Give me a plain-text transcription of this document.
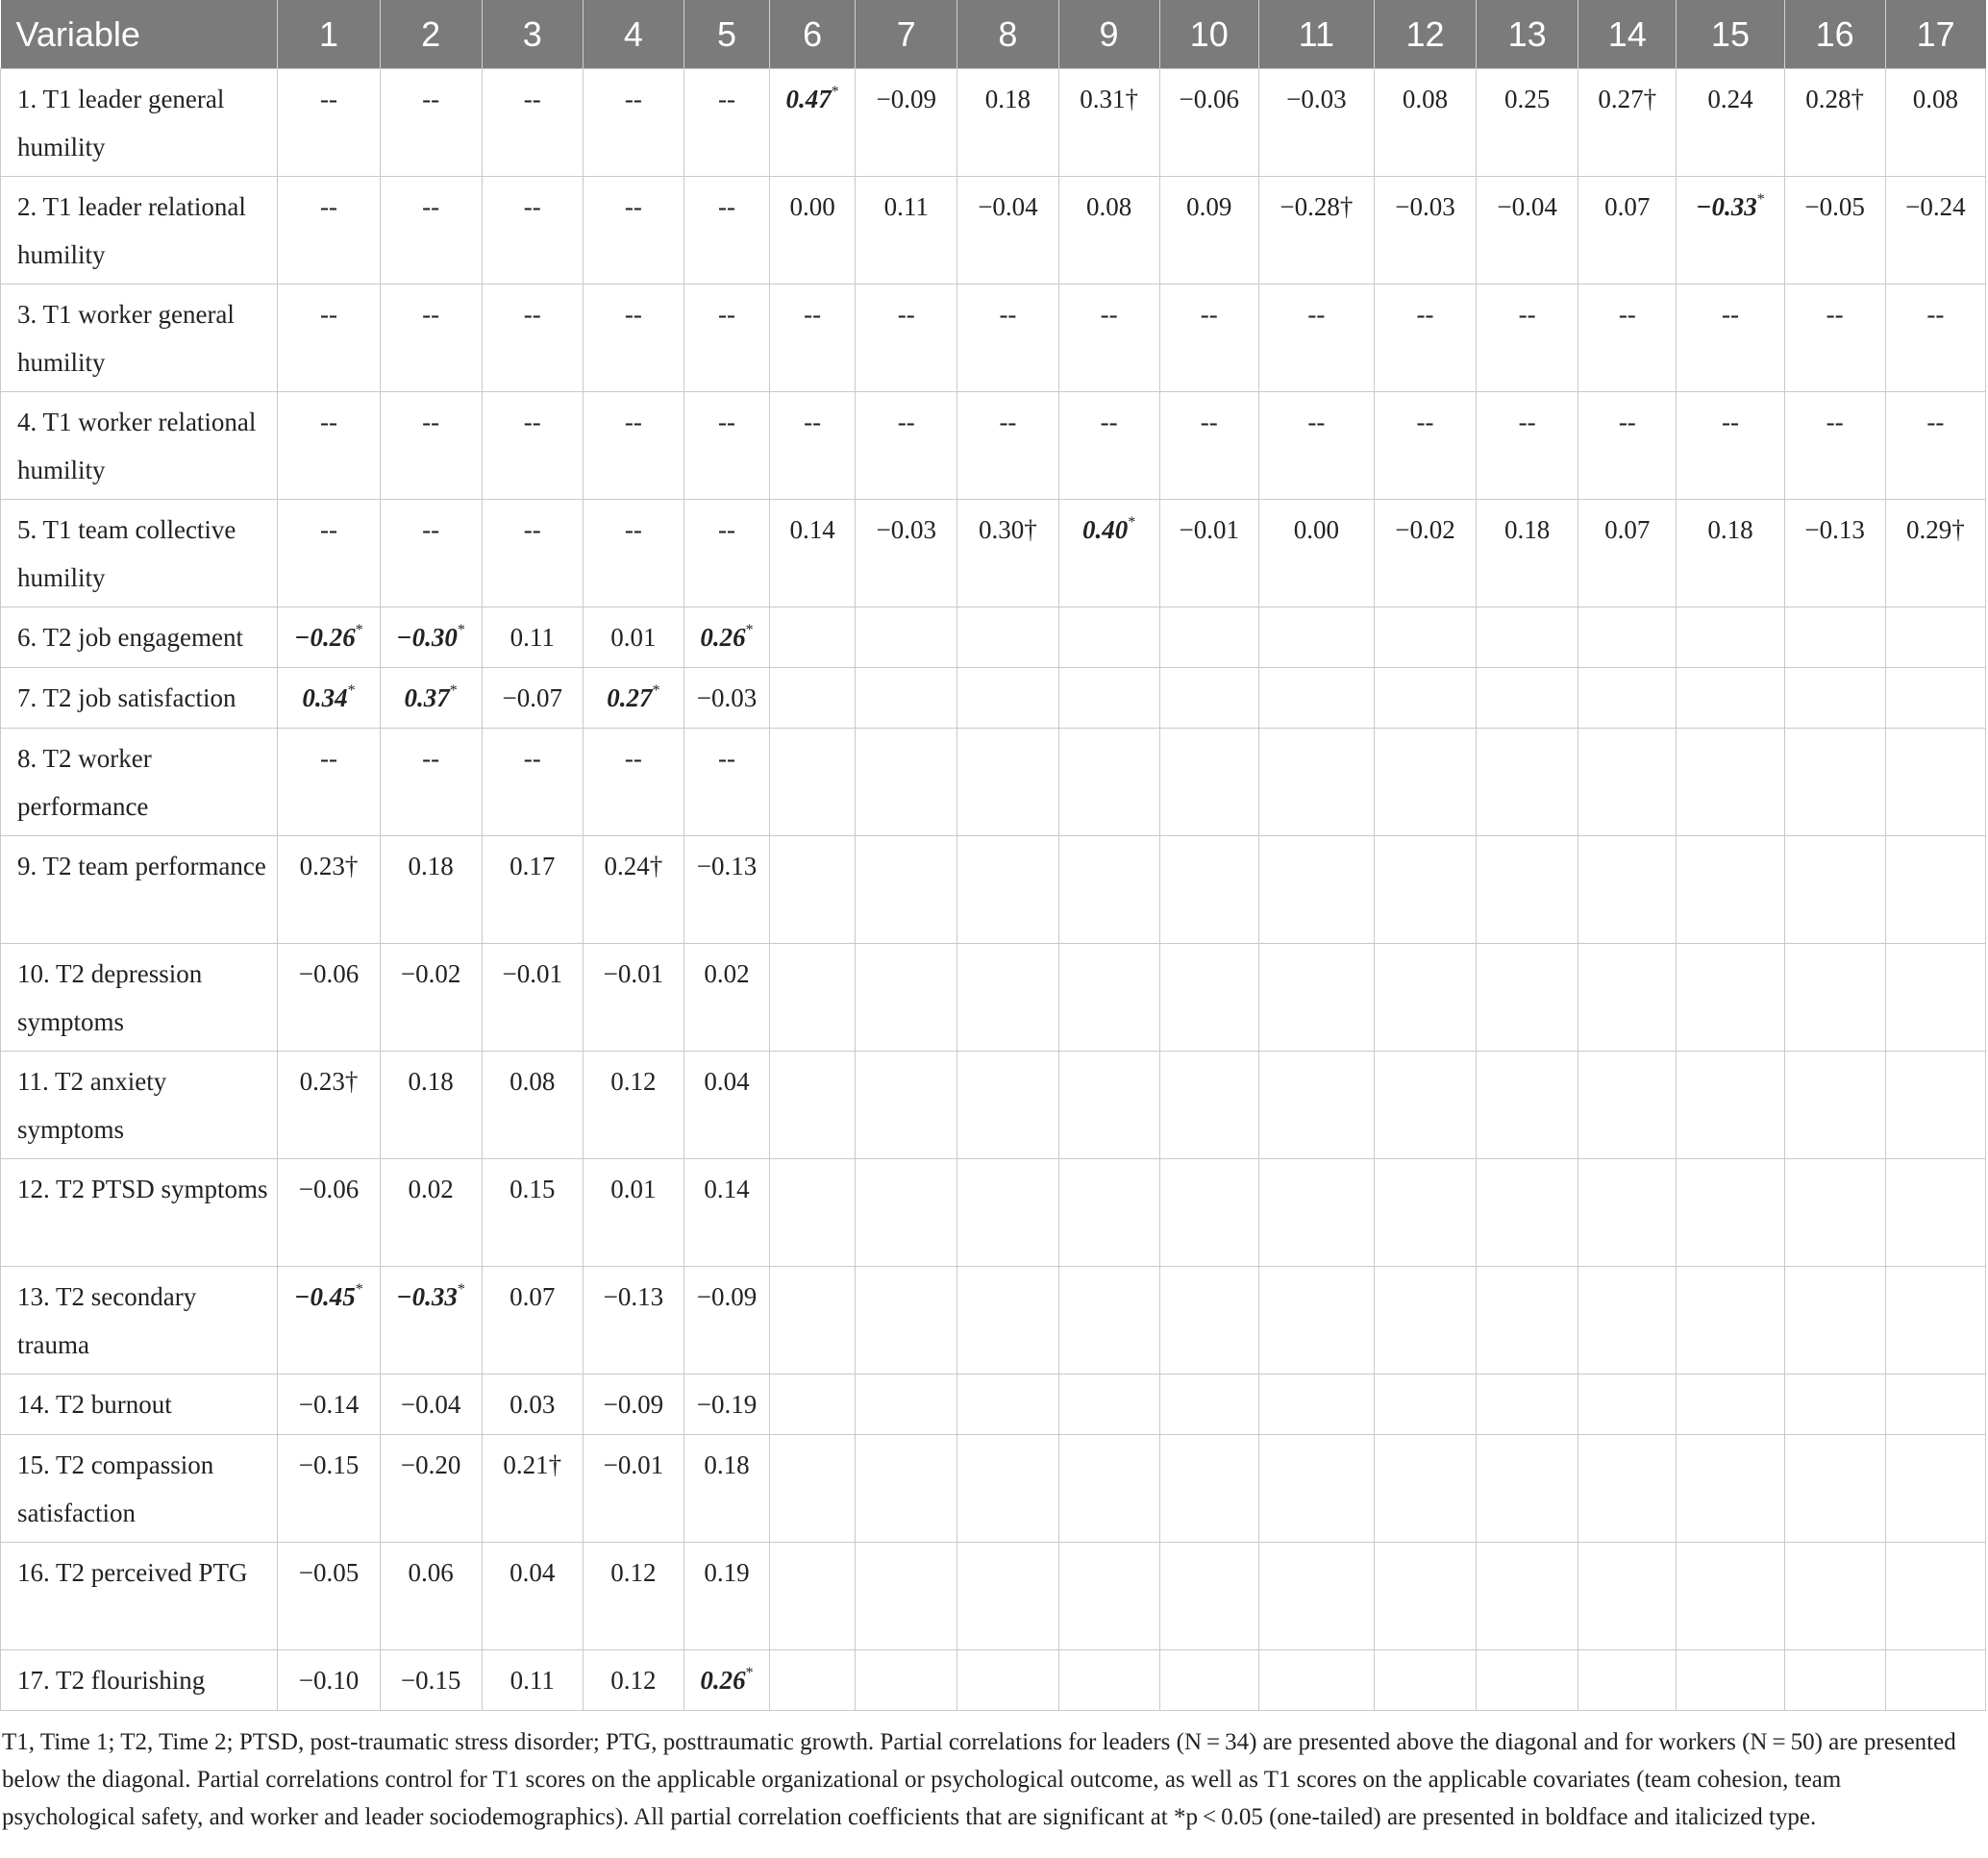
Variable	1	2	3	4	5	6	7	8	9	10	11	12	13	14	15	16	17
1. T1 leader general humility	--	--	--	--	--	0.47*	−0.09	0.18	0.31†	−0.06	−0.03	0.08	0.25	0.27†	0.24	0.28†	0.08
2. T1 leader relational humility	--	--	--	--	--	0.00	0.11	−0.04	0.08	0.09	−0.28†	−0.03	−0.04	0.07	−0.33*	−0.05	−0.24
3. T1 worker general humility	--	--	--	--	--	--	--	--	--	--	--	--	--	--	--	--	--
4. T1 worker relational humility	--	--	--	--	--	--	--	--	--	--	--	--	--	--	--	--	--
5. T1 team collective humility	--	--	--	--	--	0.14	−0.03	0.30†	0.40*	−0.01	0.00	−0.02	0.18	0.07	0.18	−0.13	0.29†
6. T2 job engagement	−0.26*	−0.30*	0.11	0.01	0.26*												
7. T2 job satisfaction	0.34*	0.37*	−0.07	0.27*	−0.03												
8. T2 worker performance	--	--	--	--	--												
9. T2 team performance	0.23†	0.18	0.17	0.24†	−0.13												
10. T2 depression symptoms	−0.06	−0.02	−0.01	−0.01	0.02												
11. T2 anxiety symptoms	0.23†	0.18	0.08	0.12	0.04												
12. T2 PTSD symptoms	−0.06	0.02	0.15	0.01	0.14												
13. T2 secondary trauma	−0.45*	−0.33*	0.07	−0.13	−0.09												
14. T2 burnout	−0.14	−0.04	0.03	−0.09	−0.19												
15. T2 compassion satisfaction	−0.15	−0.20	0.21†	−0.01	0.18												
16. T2 perceived PTG	−0.05	0.06	0.04	0.12	0.19												
17. T2 flourishing	−0.10	−0.15	0.11	0.12	0.26*												
T1, Time 1; T2, Time 2; PTSD, post-traumatic stress disorder; PTG, posttraumatic growth. Partial correlations for leaders (N = 34) are presented above the diagonal and for workers (N = 50) are presented below the diagonal. Partial correlations control for T1 scores on the applicable organizational or psychological outcome, as well as T1 scores on the applicable covariates (team cohesion, team psychological safety, and worker and leader sociodemographics). All partial correlation coefficients that are significant at *p < 0.05 (one-tailed) are presented in boldface and italicized type.
